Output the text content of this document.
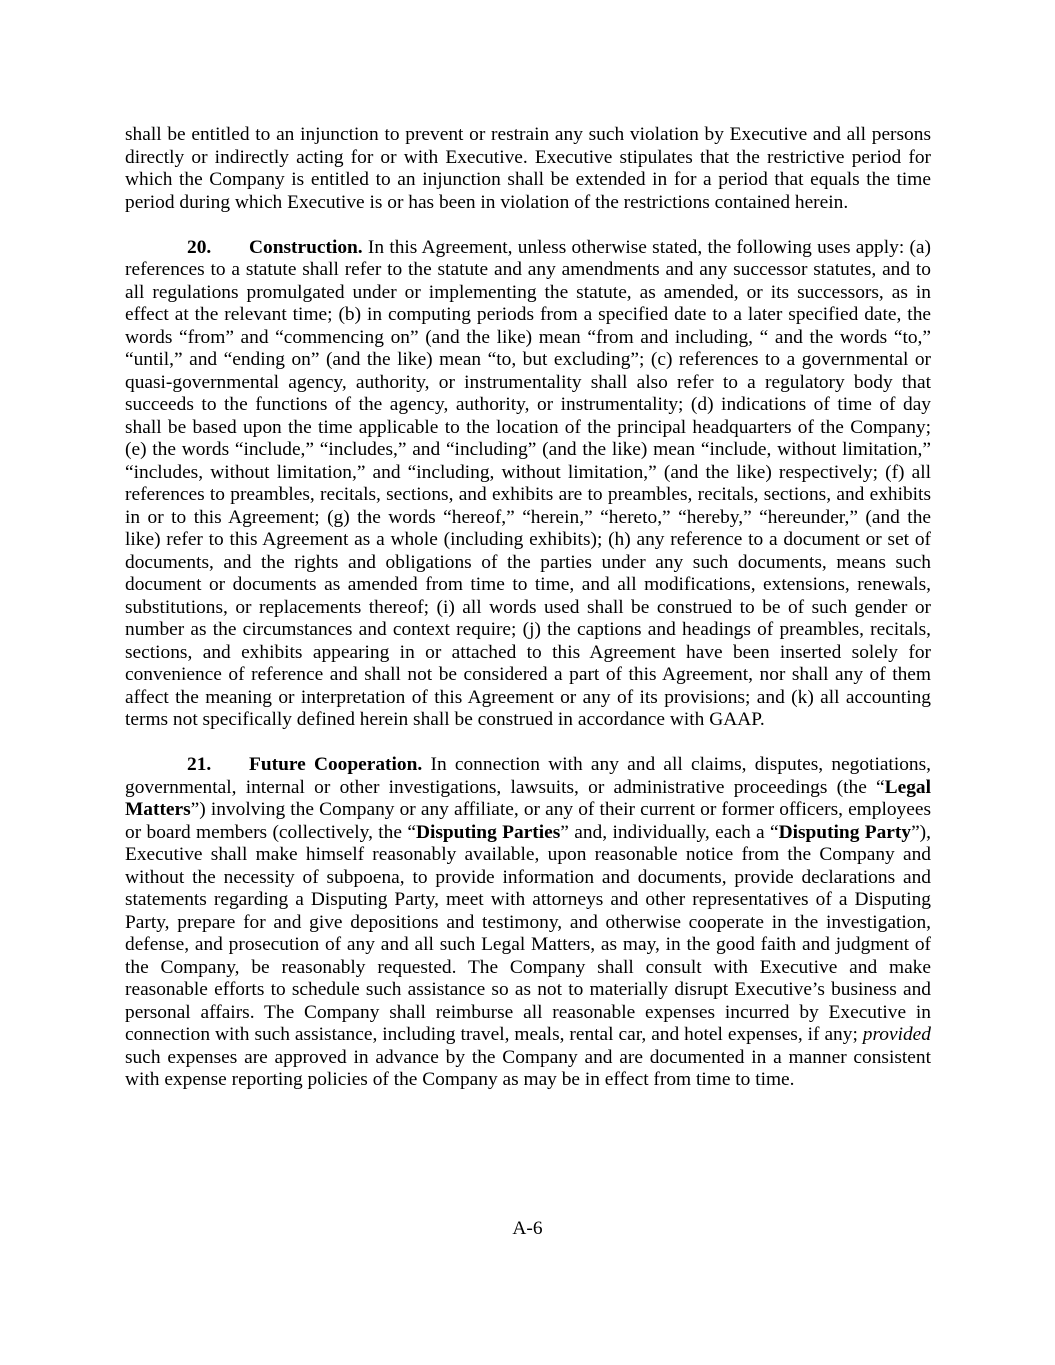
shall be entitled to an injunction to prevent or restrain any such violation by Executive and all persons directly or indirectly acting for or with Executive. Executive stipulates that the restrictive period for which the Company is entitled to an injunction shall be extended in for a period that equals the time period during which Executive is or has been in violation of the restrictions contained herein.

20. Construction. In this Agreement, unless otherwise stated, the following uses apply: (a) references to a statute shall refer to the statute and any amendments and any successor statutes, and to all regulations promulgated under or implementing the statute, as amended, or its successors, as in effect at the relevant time; (b) in computing periods from a specified date to a later specified date, the words “from” and “commencing on” (and the like) mean “from and including, “ and the words “to,” “until,” and “ending on” (and the like) mean “to, but excluding”; (c) references to a governmental or quasi-governmental agency, authority, or instrumentality shall also refer to a regulatory body that succeeds to the functions of the agency, authority, or instrumentality; (d) indications of time of day shall be based upon the time applicable to the location of the principal headquarters of the Company; (e) the words “include,” “includes,” and “including” (and the like) mean “include, without limitation,” “includes, without limitation,” and “including, without limitation,” (and the like) respectively; (f) all references to preambles, recitals, sections, and exhibits are to preambles, recitals, sections, and exhibits in or to this Agreement; (g) the words “hereof,” “herein,” “hereto,” “hereby,” “hereunder,” (and the like) refer to this Agreement as a whole (including exhibits); (h) any reference to a document or set of documents, and the rights and obligations of the parties under any such documents, means such document or documents as amended from time to time, and all modifications, extensions, renewals, substitutions, or replacements thereof; (i) all words used shall be construed to be of such gender or number as the circumstances and context require; (j) the captions and headings of preambles, recitals, sections, and exhibits appearing in or attached to this Agreement have been inserted solely for convenience of reference and shall not be considered a part of this Agreement, nor shall any of them affect the meaning or interpretation of this Agreement or any of its provisions; and (k) all accounting terms not specifically defined herein shall be construed in accordance with GAAP.

21. Future Cooperation. In connection with any and all claims, disputes, negotiations, governmental, internal or other investigations, lawsuits, or administrative proceedings (the “Legal Matters”) involving the Company or any affiliate, or any of their current or former officers, employees or board members (collectively, the “Disputing Parties” and, individually, each a “Disputing Party”), Executive shall make himself reasonably available, upon reasonable notice from the Company and without the necessity of subpoena, to provide information and documents, provide declarations and statements regarding a Disputing Party, meet with attorneys and other representatives of a Disputing Party, prepare for and give depositions and testimony, and otherwise cooperate in the investigation, defense, and prosecution of any and all such Legal Matters, as may, in the good faith and judgment of the Company, be reasonably requested. The Company shall consult with Executive and make reasonable efforts to schedule such assistance so as not to materially disrupt Executive’s business and personal affairs. The Company shall reimburse all reasonable expenses incurred by Executive in connection with such assistance, including travel, meals, rental car, and hotel expenses, if any; provided such expenses are approved in advance by the Company and are documented in a manner consistent with expense reporting policies of the Company as may be in effect from time to time.

A-6
